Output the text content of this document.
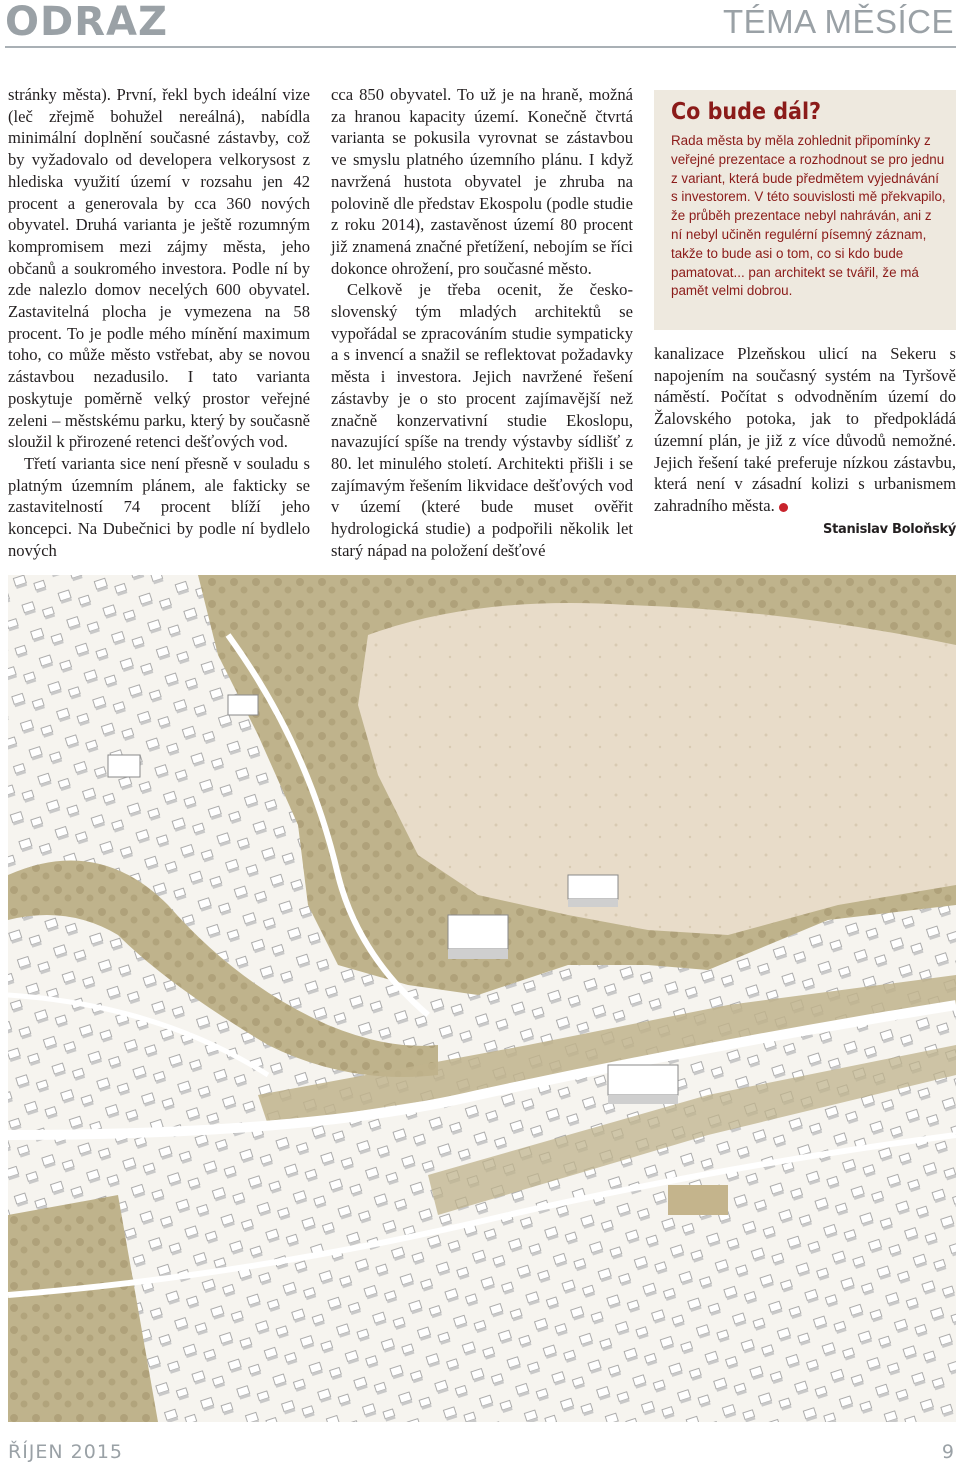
ODRAZ	TÉMA MĚSÍCE

stránky města). První, řekl bych ideální vize (leč zřejmě bohužel nereálná), nabídla minimální doplnění současné zástavby, což by vyžadovalo od developera velkorysost z hlediska využití území v rozsahu jen 42 procent a generovala by cca 360 nových obyvatel. Druhá varianta je ještě rozumným kompromisem mezi zájmy města, jeho občanů a soukromého investora. Podle ní by zde nalezlo domov necelých 600 obyvatel. Zastavitelná plocha je vymezena na 58 procent. To je podle mého mínění maximum toho, co může město vstřebat, aby se novou zástavbou nezadusilo. I tato varianta poskytuje poměrně velký prostor veřejné zeleni – městskému parku, který by současně sloužil k přirozené retenci dešťových vod.

Třetí varianta sice není přesně v souladu s platným územním plánem, ale fakticky se zastavitelností 74 procent blíží jeho koncepci. Na Dubečnici by podle ní bydlelo nových

cca 850 obyvatel. To už je na hraně, možná za hranou kapacity území. Konečně čtvrtá varianta se pokusila vyrovnat se zástavbou ve smyslu platného územního plánu. I když navržená hustota obyvatel je zhruba na polovině dle představ Ekospolu (podle studie z roku 2014), zastavěnost území 80 procent již znamená značné přetížení, nebojím se říci dokonce ohrožení, pro současné město.

Celkově je třeba ocenit, že česko-slovenský tým mladých architektů se vypořádal se zpracováním studie sympaticky a s invencí a snažil se reflektovat požadavky města i investora. Jejich navržené řešení zástavby je o sto procent zajímavější než značně konzervativní studie Ekoslopu, navazující spíše na trendy výstavby sídlišť z 80. let minulého století. Architekti přišli i se zajímavým řešením likvidace dešťových vod v území (které bude muset ověřit hydrologická studie) a podpořili několik let starý nápad na položení dešťové

Co bude dál?

Rada města by měla zohlednit připomínky z veřejné prezentace a rozhodnout se pro jednu z variant, která bude předmětem vyjednávání s investorem. V této souvislosti mě překvapilo, že průběh prezentace nebyl nahráván, ani z ní nebyl učiněn regulérní písemný záznam, takže to bude asi o tom, co si kdo bude pamatovat... pan architekt se tvářil, že má pamět velmi dobrou.

kanalizace Plzeňskou ulicí na Sekeru s napojením na současný systém na Tyršově náměstí. Počítat s odvodněním území do Žalovského potoka, jak to předpokládá územní plán, je již z více důvodů nemožné. Jejich řešení také preferuje nízkou zástavbu, která není v zásadní kolizi s urbanismem zahradního města.

Stanislav Boloňský
ŘÍJEN 2015	9
